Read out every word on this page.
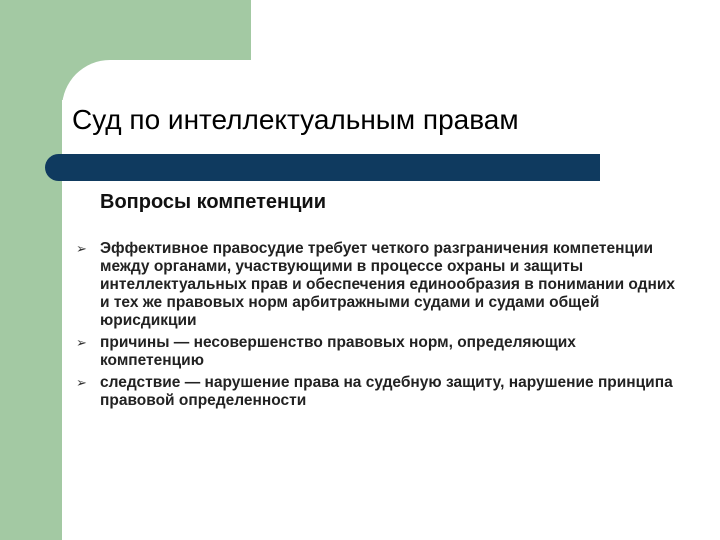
Суд по интеллектуальным правам
Вопросы компетенции
➢ Эффективное правосудие требует четкого разграничения компетенции между органами, участвующими в процессе охраны и защиты интеллектуальных прав и обеспечения единообразия в понимании одних и тех же правовых норм арбитражными судами и судами общей юрисдикции
➢ причины — несовершенство правовых норм, определяющих компетенцию
➢ следствие — нарушение права на судебную защиту, нарушение принципа правовой определенности
